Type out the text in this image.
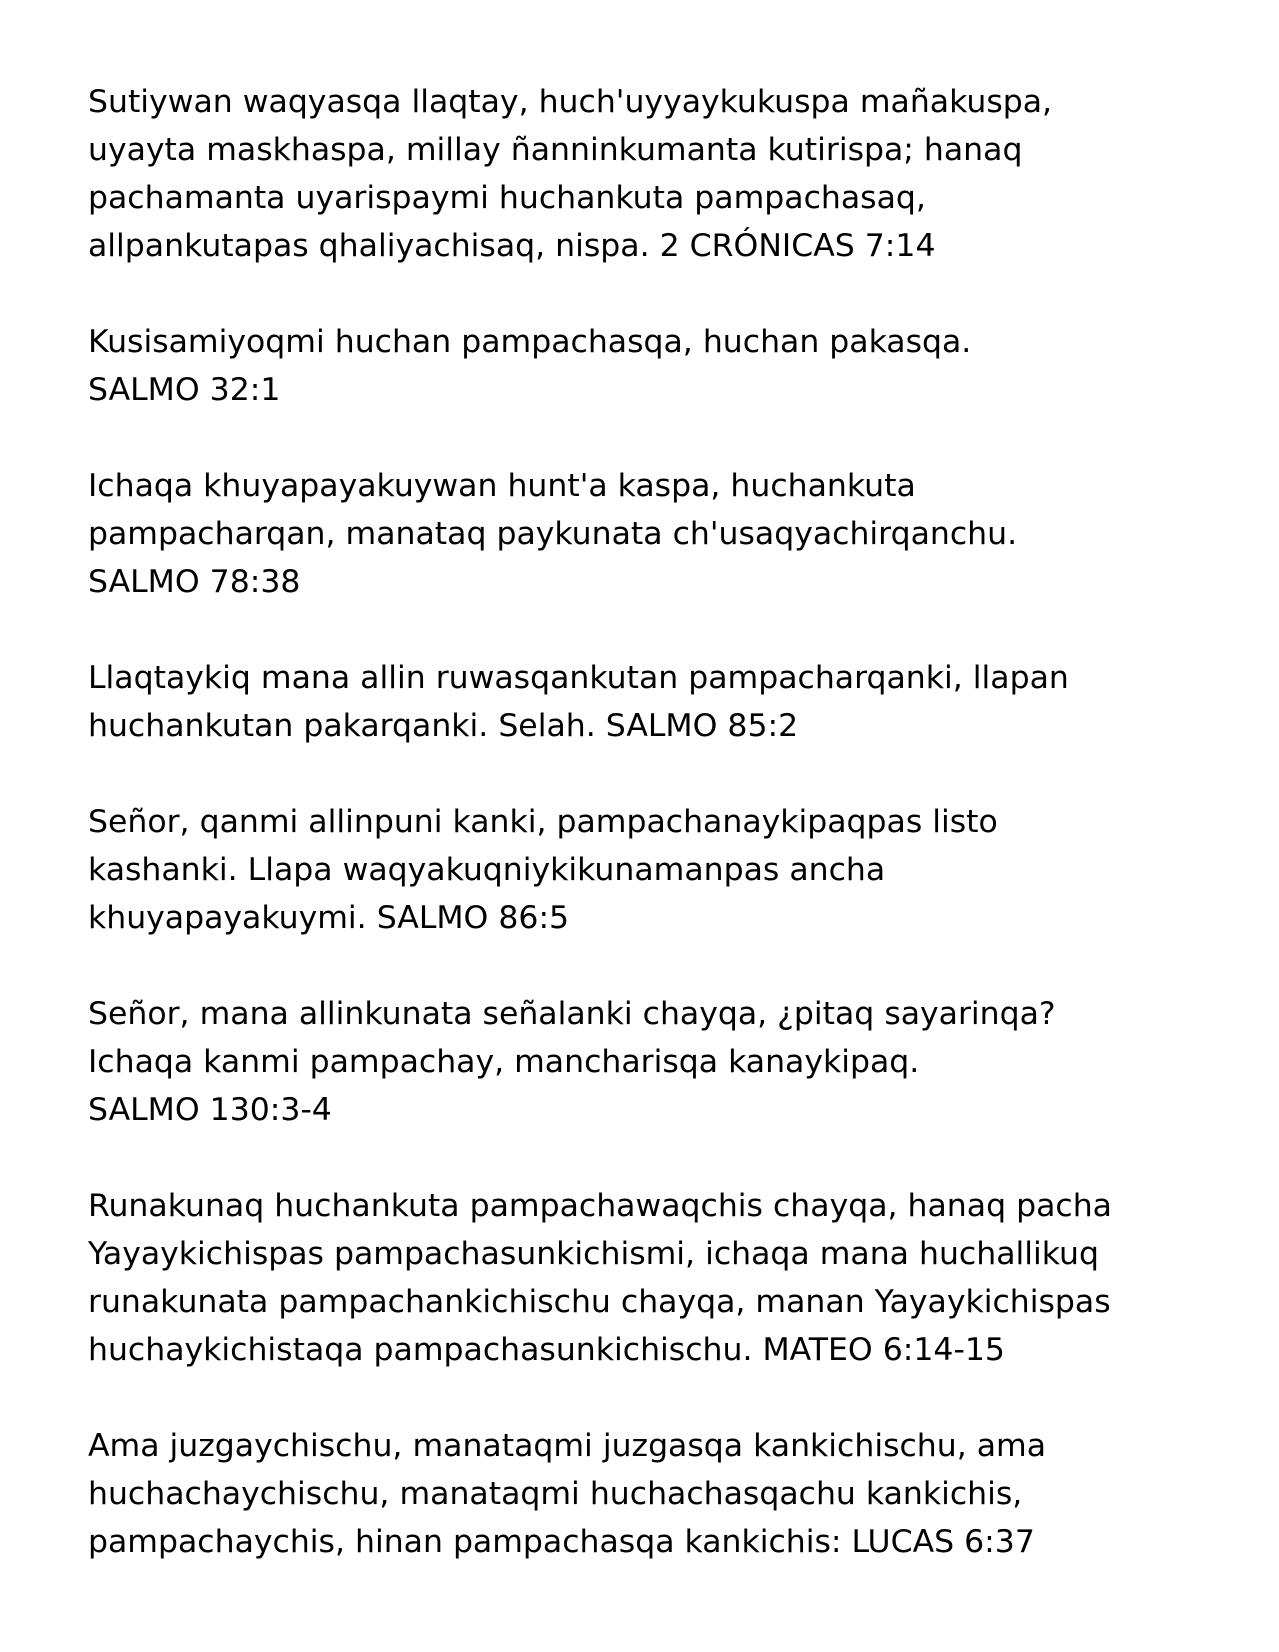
Sutiywan waqyasqa llaqtay, huch'uyyaykukuspa mañakuspa,
uyayta maskhaspa, millay ñanninkumanta kutirispa; hanaq
pachamanta uyarispaymi huchankuta pampachasaq,
allpankutapas qhaliyachisaq, nispa. 2 CRÓNICAS 7:14

Kusisamiyoqmi huchan pampachasqa, huchan pakasqa.
SALMO 32:1

Ichaqa khuyapayakuywan hunt'a kaspa, huchankuta
pampacharqan, manataq paykunata ch'usaqyachirqanchu.
SALMO 78:38

Llaqtaykiq mana allin ruwasqankutan pampacharqanki, llapan
huchankutan pakarqanki. Selah. SALMO 85:2

Señor, qanmi allinpuni kanki, pampachanaykipaqpas listo
kashanki. Llapa waqyakuqniykikunamanpas ancha
khuyapayakuymi. SALMO 86:5

Señor, mana allinkunata señalanki chayqa, ¿pitaq sayarinqa?
Ichaqa kanmi pampachay, mancharisqa kanaykipaq.
SALMO 130:3-4

Runakunaq huchankuta pampachawaqchis chayqa, hanaq pacha
Yayaykichispas pampachasunkichismi, ichaqa mana huchallikuq
runakunata pampachankichischu chayqa, manan Yayaykichispas
huchaykichistaqa pampachasunkichischu. MATEO 6:14-15

Ama juzgaychischu, manataqmi juzgasqa kankichischu, ama
huchachaychischu, manataqmi huchachasqachu kankichis,
pampachaychis, hinan pampachasqa kankichis: LUCAS 6:37
